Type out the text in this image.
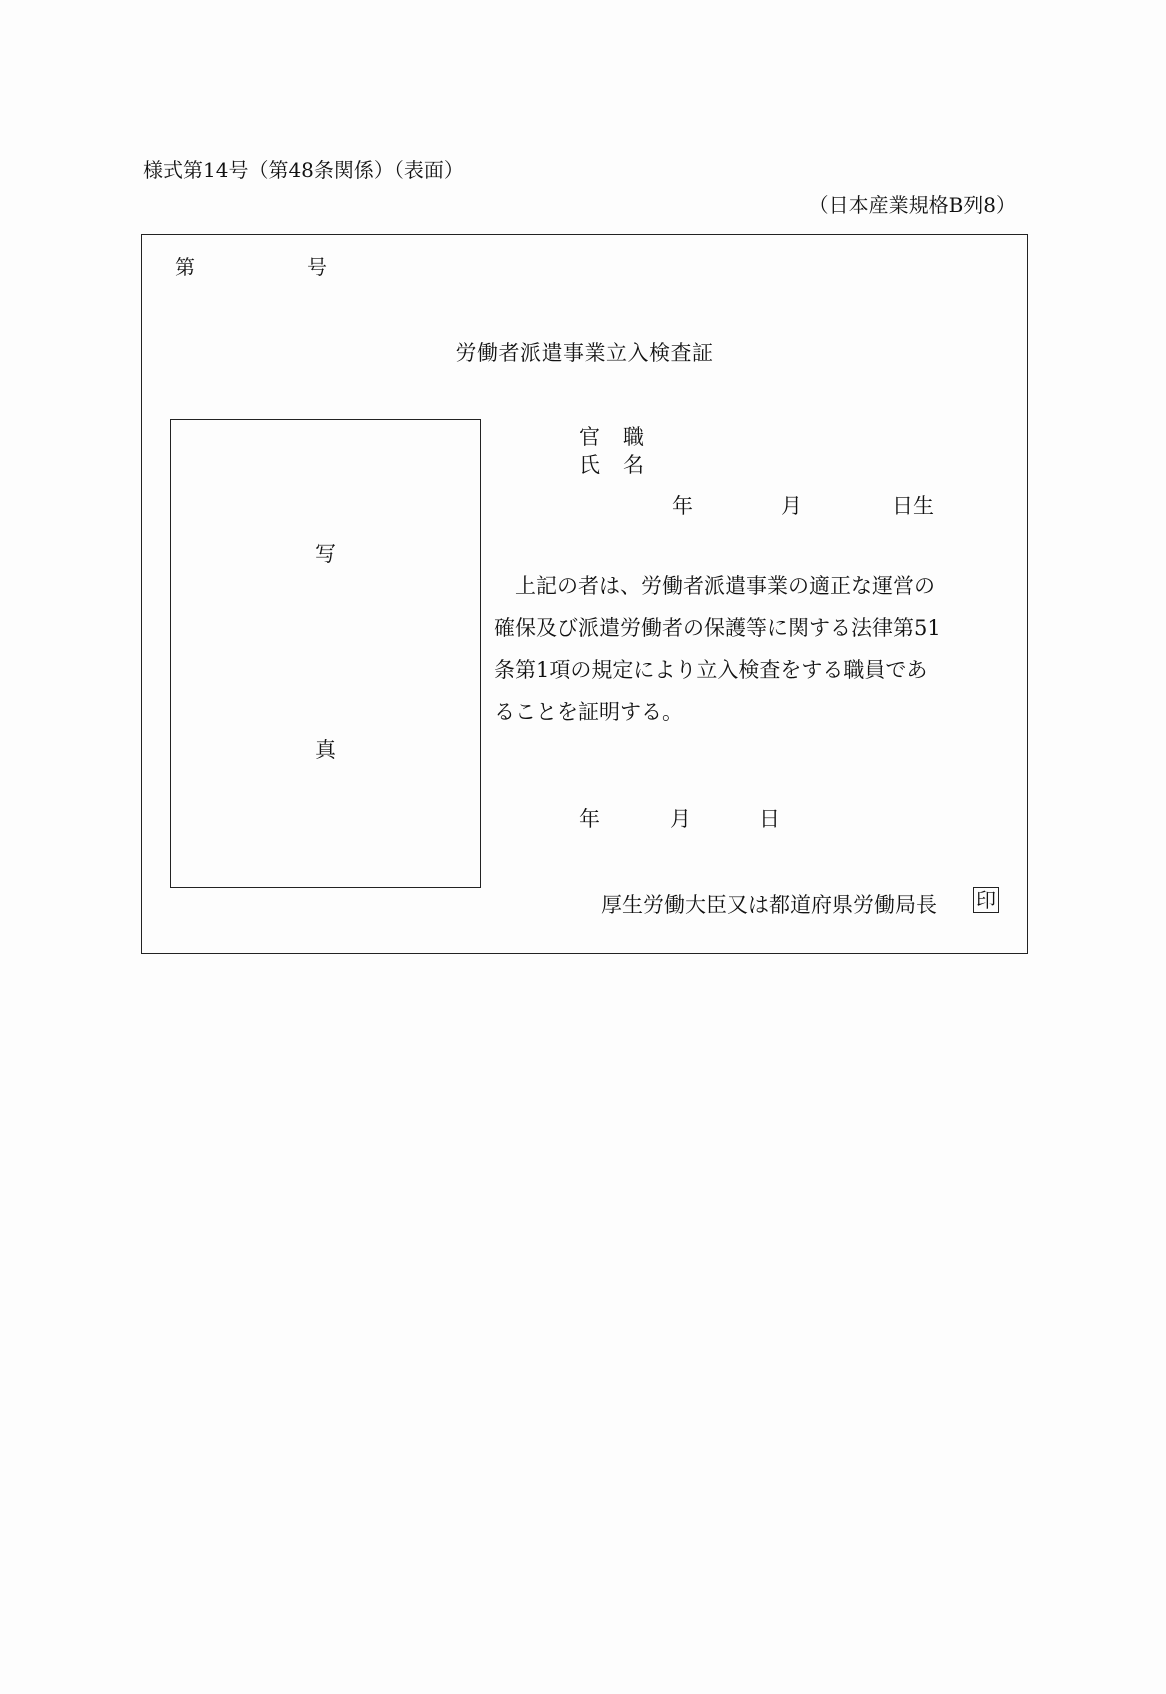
様式第14号（第48条関係）（表面）
（日本産業規格B列8）
第	号
労働者派遣事業立入検査証
写
真
官 職
氏 名
年	月	日生

上記の者は、労働者派遣事業の適正な運営の

確保及び派遣労働者の保護等に関する法律第51

条第1項の規定により立入検査をする職員であ

ることを証明する。

年	月	日
厚生労働大臣又は都道府県労働局長 印
